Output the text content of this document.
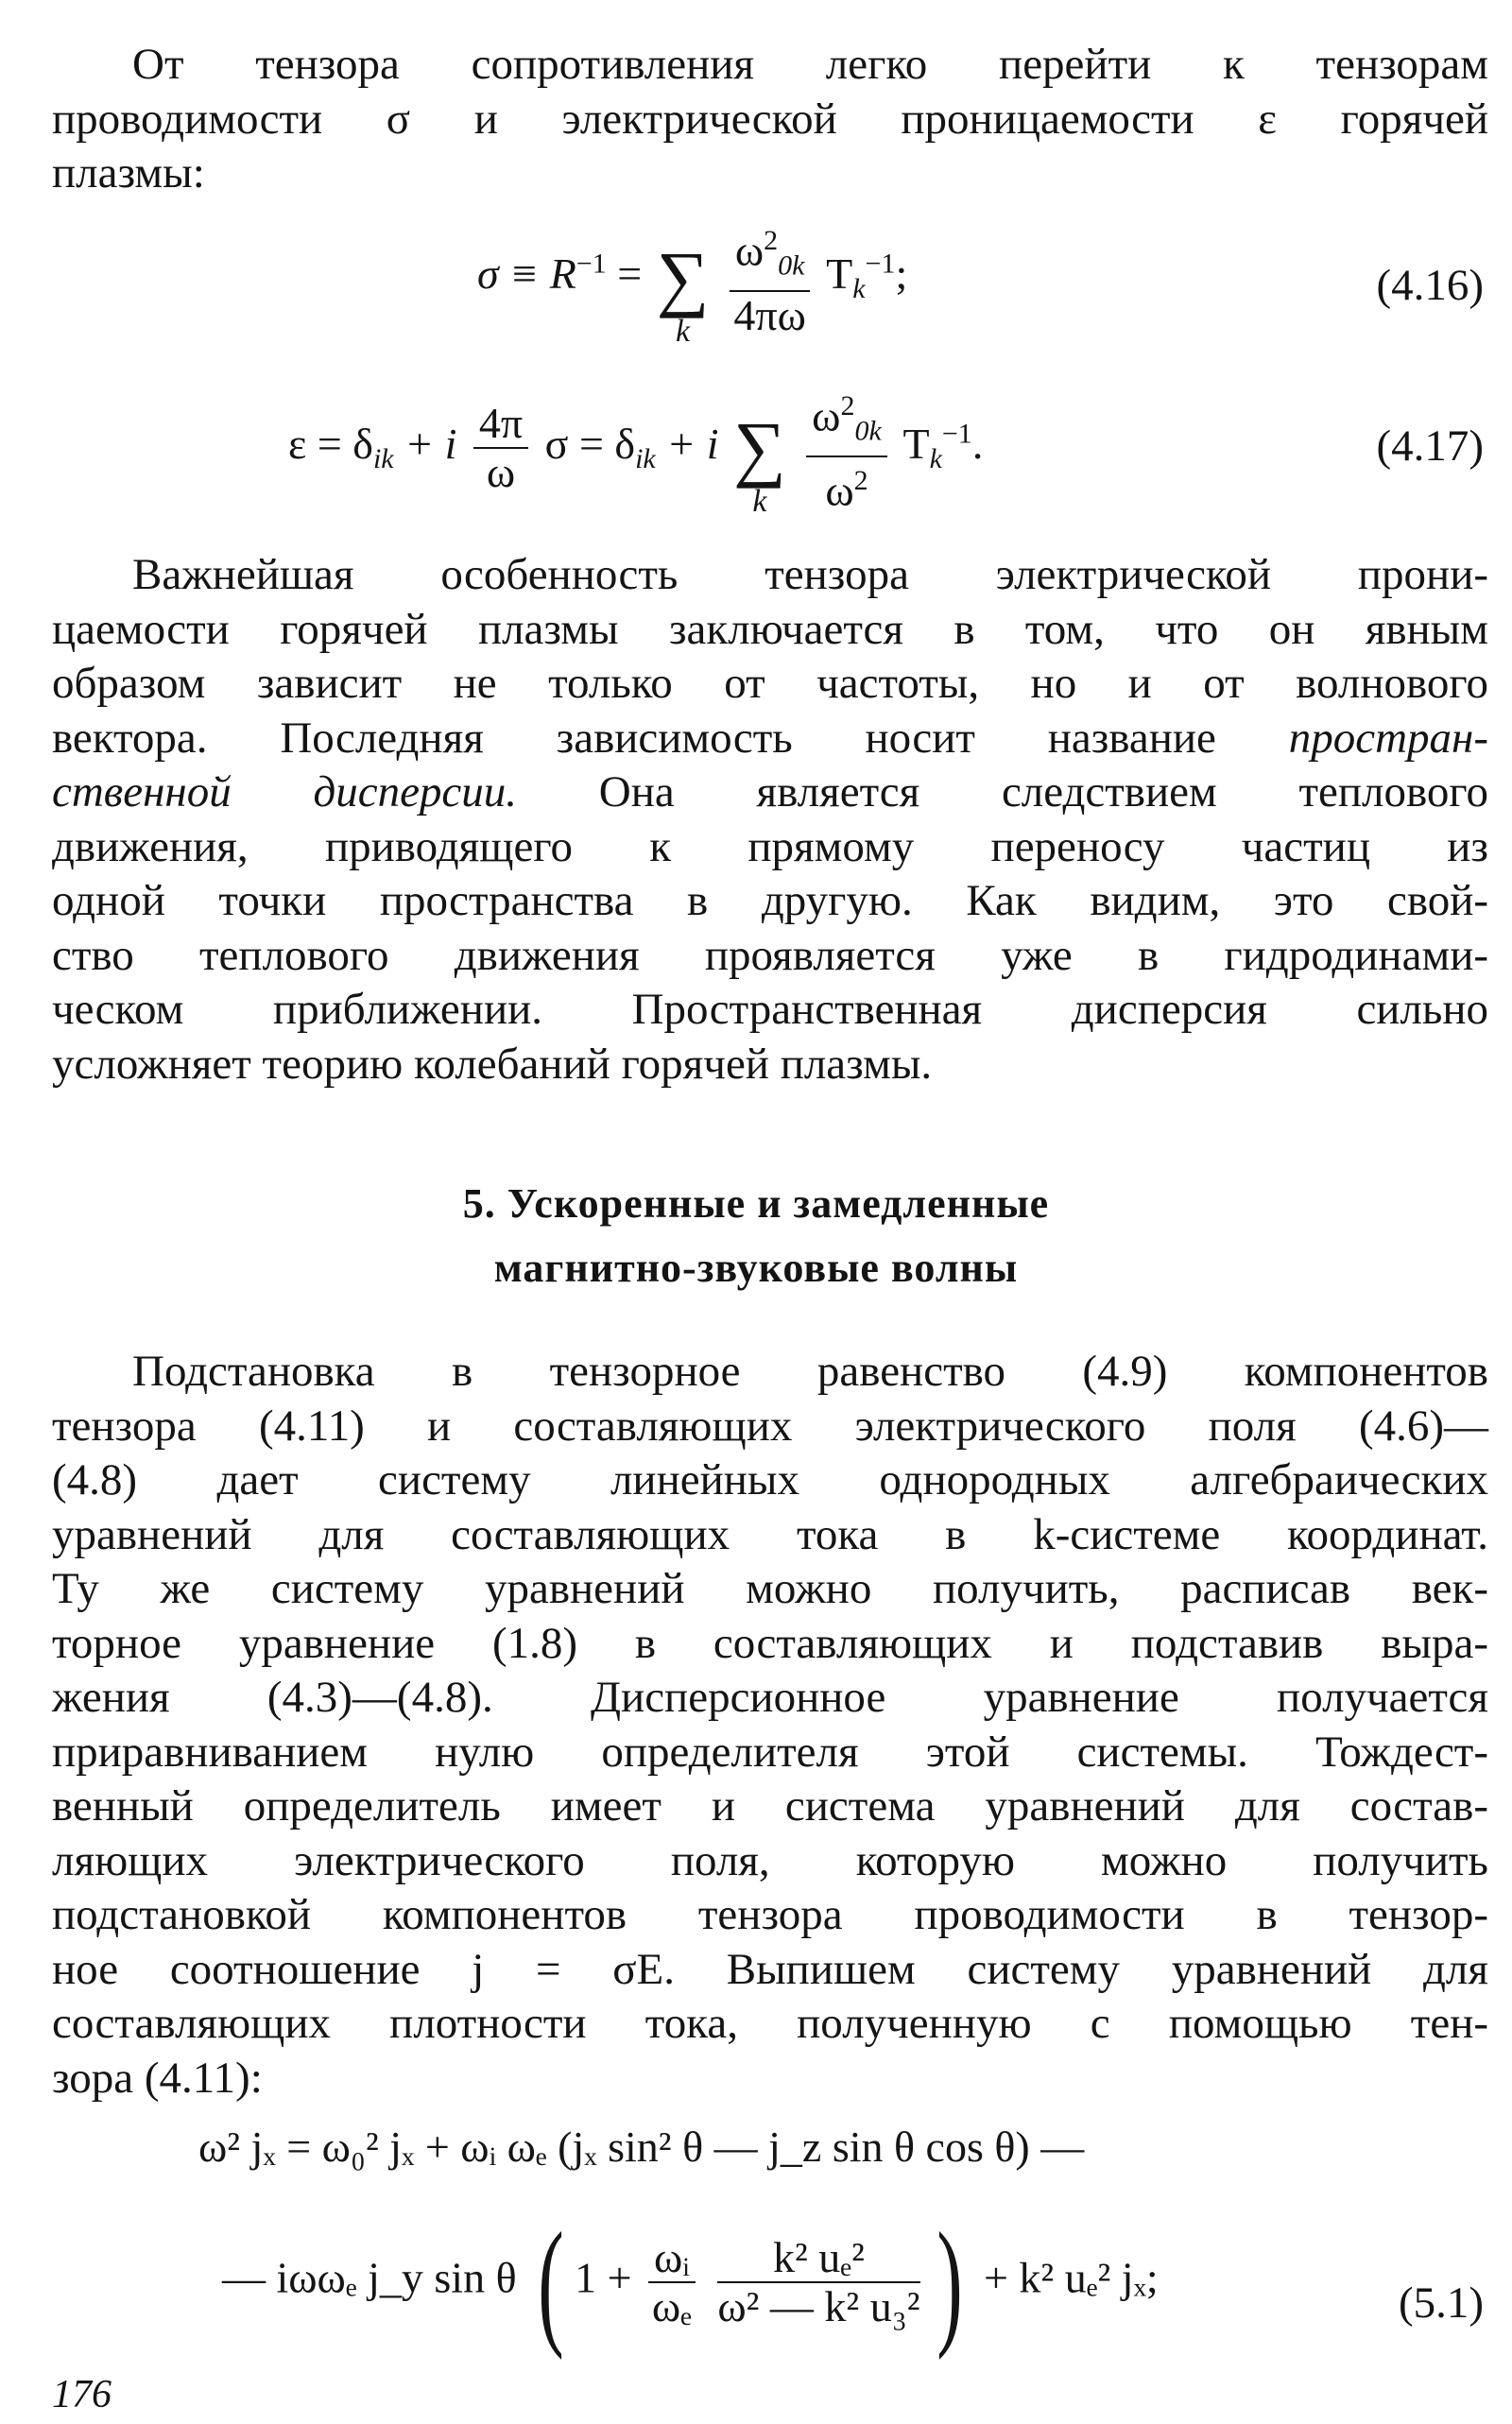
От тензора сопротивления легко перейти к тензорам
проводимости σ и электрической проницаемости ε горячей
плазмы:
$\sigma \equiv R^{-1}$ = ∑
k
$\frac{\omega^2_{0k}}{4\pi\omega} T_k^{-1}$;	(4.16)
$\varepsilon = \delta_{ik} + i \frac{4\pi}{\omega}$ $\sigma = \delta_{ik} + i$ ∑
k
$\frac{\omega^2_{0k}}{\omega^2} T_k^{-1}$.	(4.17)
Важнейшая особенность тензора электрической прони-
цаемости горячей плазмы заключается в том, что он явным
образом зависит не только от частоты, но и от волнового
вектора. Последняя зависимость носит название простран-
ственной дисперсии. Она является следствием теплового
движения, приводящего к прямому переносу частиц из
одной точки пространства в другую. Как видим, это свой-
ство теплового движения проявляется уже в гидродинами-
ческом приближении. Пространственная дисперсия сильно
усложняет теорию колебаний горячей плазмы.
5. Ускоренные и замедленные
магнитно-звуковые волны
Подстановка в тензорное равенство (4.9) компонентов
тензора (4.11) и составляющих электрического поля (4.6)—
(4.8) дает систему линейных однородных алгебраических
уравнений для составляющих тока в k-системе координат.
Ту же систему уравнений можно получить, расписав век-
торное уравнение (1.8) в составляющих и подставив выра-
жения (4.3)—(4.8). Дисперсионное уравнение получается
приравниванием нулю определителя этой системы. Тождест-
венный определитель имеет и система уравнений для состав-
ляющих электрического поля, которую можно получить
подстановкой компонентов тензора проводимости в тензор-
ное соотношение j = σE. Выпишем систему уравнений для
составляющих плотности тока, полученную с помощью тен-
зора (4.11):
ω² jₓ = ω₀² jₓ + ωᵢ ωₑ (jₓ sin² θ — j_z sin θ cos θ) —
— iωωₑ j_y sin θ ( $1 + \frac{\text{ωᵢ}}{\text{ωₑ}}$
$\frac{\text{k² uₑ²}}{\text{ω² — k² u₃²}}$ ) + k² uₑ² jₓ;
(5.1)
176
